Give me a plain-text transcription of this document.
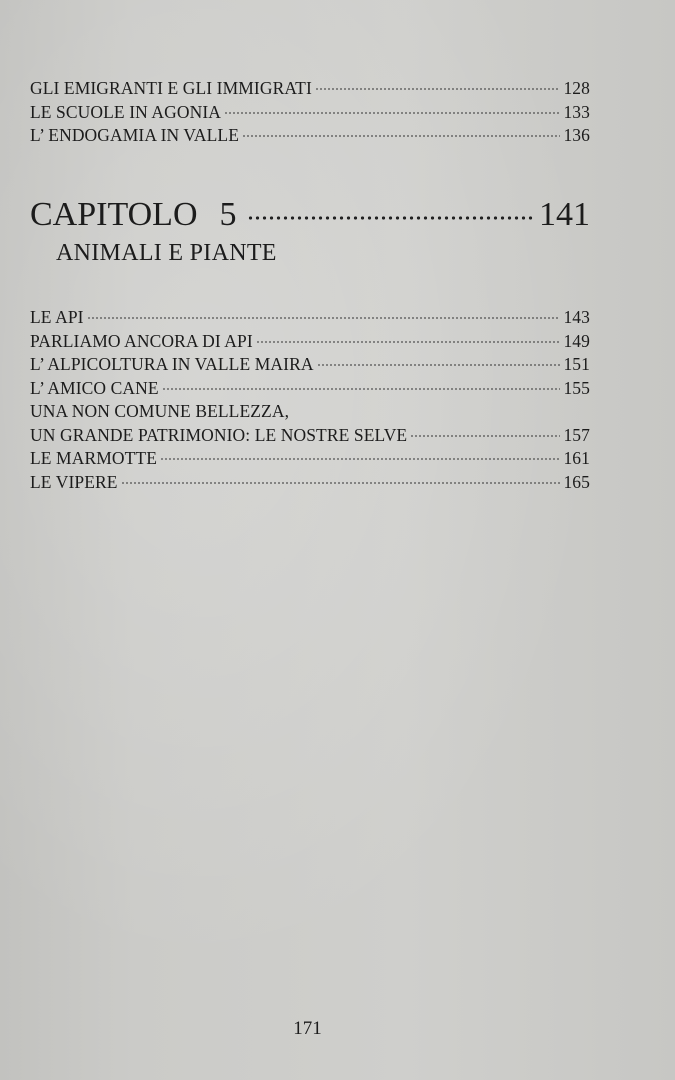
GLI EMIGRANTI E GLI IMMIGRATI	128
LE SCUOLE IN AGONIA	133
L’ ENDOGAMIA IN VALLE	136
CAPITOLO 5	141
ANIMALI E PIANTE
LE API	143
PARLIAMO ANCORA DI API	149
L’ ALPICOLTURA IN VALLE MAIRA	151
L’ AMICO CANE	155
UNA NON COMUNE BELLEZZA,
UN GRANDE PATRIMONIO: LE NOSTRE SELVE	157
LE MARMOTTE	161
LE VIPERE	165
171
